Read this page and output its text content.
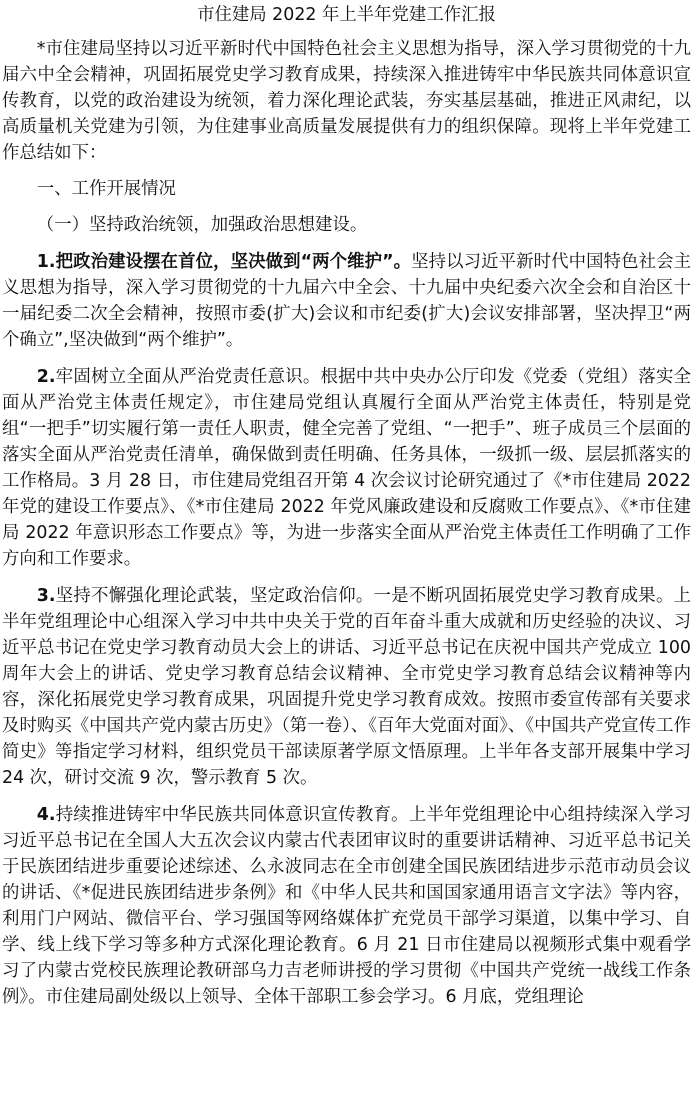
市住建局 2022 年上半年党建工作汇报

*市住建局坚持以习近平新时代中国特色社会主义思想为指导，深入学习贯彻党的十九届六中全会精神，巩固拓展党史学习教育成果，持续深入推进铸牢中华民族共同体意识宣传教育，以党的政治建设为统领，着力深化理论武装，夯实基层基础，推进正风肃纪，以高质量机关党建为引领，为住建事业高质量发展提供有力的组织保障。现将上半年党建工作总结如下：

一、工作开展情况

（一）坚持政治统领，加强政治思想建设。

1.把政治建设摆在首位，坚决做到“两个维护”。坚持以习近平新时代中国特色社会主义思想为指导，深入学习贯彻党的十九届六中全会、十九届中央纪委六次全会和自治区十一届纪委二次全会精神，按照市委(扩大)会议和市纪委(扩大)会议安排部署，坚决捍卫“两个确立”,坚决做到“两个维护”。

2.牢固树立全面从严治党责任意识。根据中共中央办公厅印发《党委（党组）落实全面从严治党主体责任规定》，市住建局党组认真履行全面从严治党主体责任，特别是党组“一把手”切实履行第一责任人职责，健全完善了党组、“一把手”、班子成员三个层面的落实全面从严治党责任清单，确保做到责任明确、任务具体，一级抓一级、层层抓落实的工作格局。3 月 28 日，市住建局党组召开第 4 次会议讨论研究通过了《*市住建局 2022 年党的建设工作要点》、《*市住建局 2022 年党风廉政建设和反腐败工作要点》、《*市住建局 2022 年意识形态工作要点》等，为进一步落实全面从严治党主体责任工作明确了工作方向和工作要求。

3.坚持不懈强化理论武装，坚定政治信仰。一是不断巩固拓展党史学习教育成果。上半年党组理论中心组深入学习中共中央关于党的百年奋斗重大成就和历史经验的决议、习近平总书记在党史学习教育动员大会上的讲话、习近平总书记在庆祝中国共产党成立 100 周年大会上的讲话、党史学习教育总结会议精神、全市党史学习教育总结会议精神等内容，深化拓展党史学习教育成果，巩固提升党史学习教育成效。按照市委宣传部有关要求及时购买《中国共产党内蒙古历史》（第一卷）、《百年大党面对面》、《中国共产党宣传工作简史》等指定学习材料，组织党员干部读原著学原文悟原理。上半年各支部开展集中学习 24 次，研讨交流 9 次，警示教育 5 次。

4.持续推进铸牢中华民族共同体意识宣传教育。上半年党组理论中心组持续深入学习习近平总书记在全国人大五次会议内蒙古代表团审议时的重要讲话精神、习近平总书记关于民族团结进步重要论述综述、么永波同志在全市创建全国民族团结进步示范市动员会议的讲话、《*促进民族团结进步条例》和《中华人民共和国国家通用语言文字法》等内容，利用门户网站、微信平台、学习强国等网络媒体扩充党员干部学习渠道，以集中学习、自学、线上线下学习等多种方式深化理论教育。6 月 21 日市住建局以视频形式集中观看学习了内蒙古党校民族理论教研部乌力吉老师讲授的学习贯彻《中国共产党统一战线工作条例》。市住建局副处级以上领导、全体干部职工参会学习。6 月底，党组理论
